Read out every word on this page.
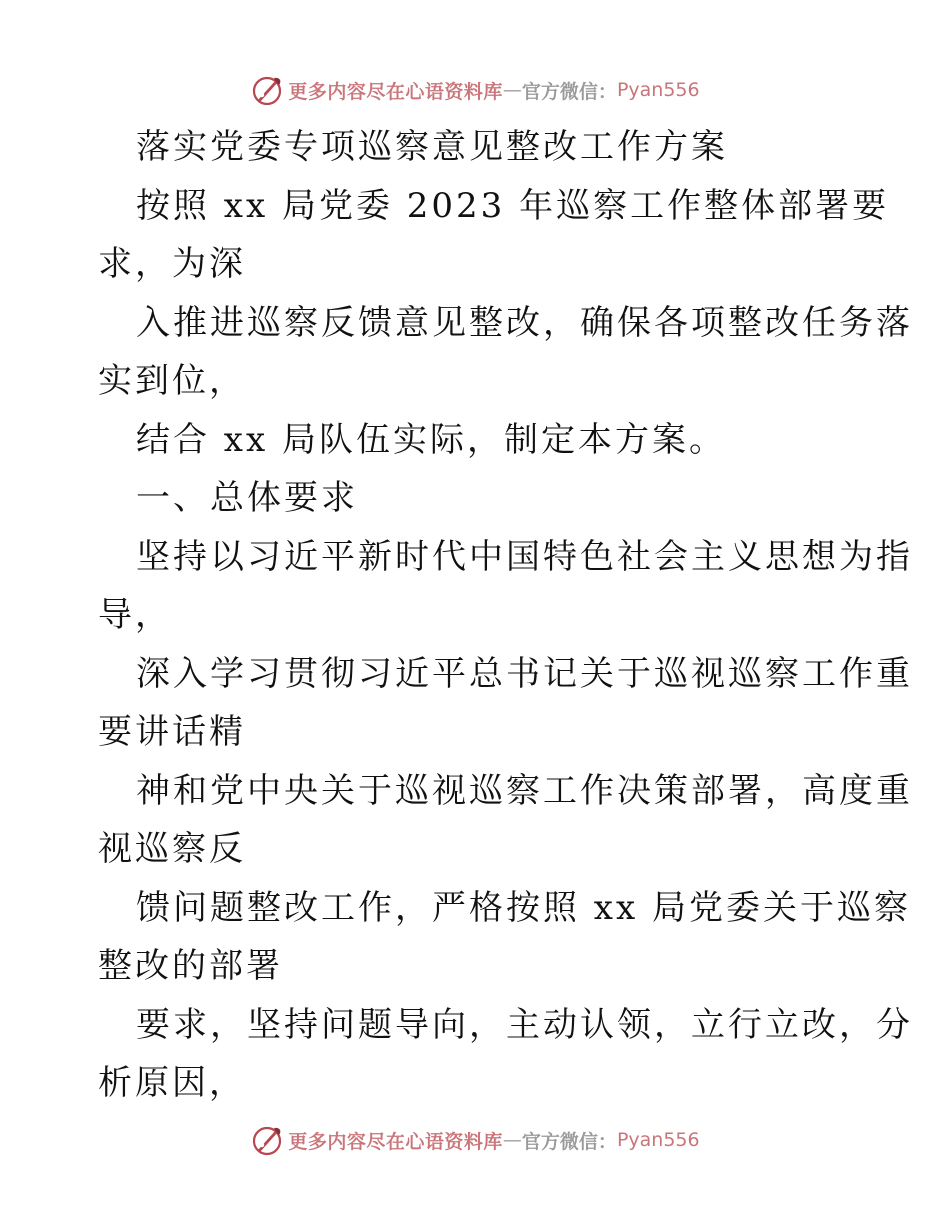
更多内容尽在心语资料库 — 官方微信： Pyan556
落实党委专项巡察意见整改工作方案
按照 xx 局党委 2023 年巡察工作整体部署要
求，为深
入推进巡察反馈意见整改，确保各项整改任务落
实到位，
结合 xx 局队伍实际，制定本方案。
一、总体要求
坚持以习近平新时代中国特色社会主义思想为指
导，
深入学习贯彻习近平总书记关于巡视巡察工作重
要讲话精
神和党中央关于巡视巡察工作决策部署，高度重
视巡察反
馈问题整改工作，严格按照 xx 局党委关于巡察
整改的部署
要求，坚持问题导向，主动认领，立行立改，分
析原因，
更多内容尽在心语资料库 — 官方微信： Pyan556
